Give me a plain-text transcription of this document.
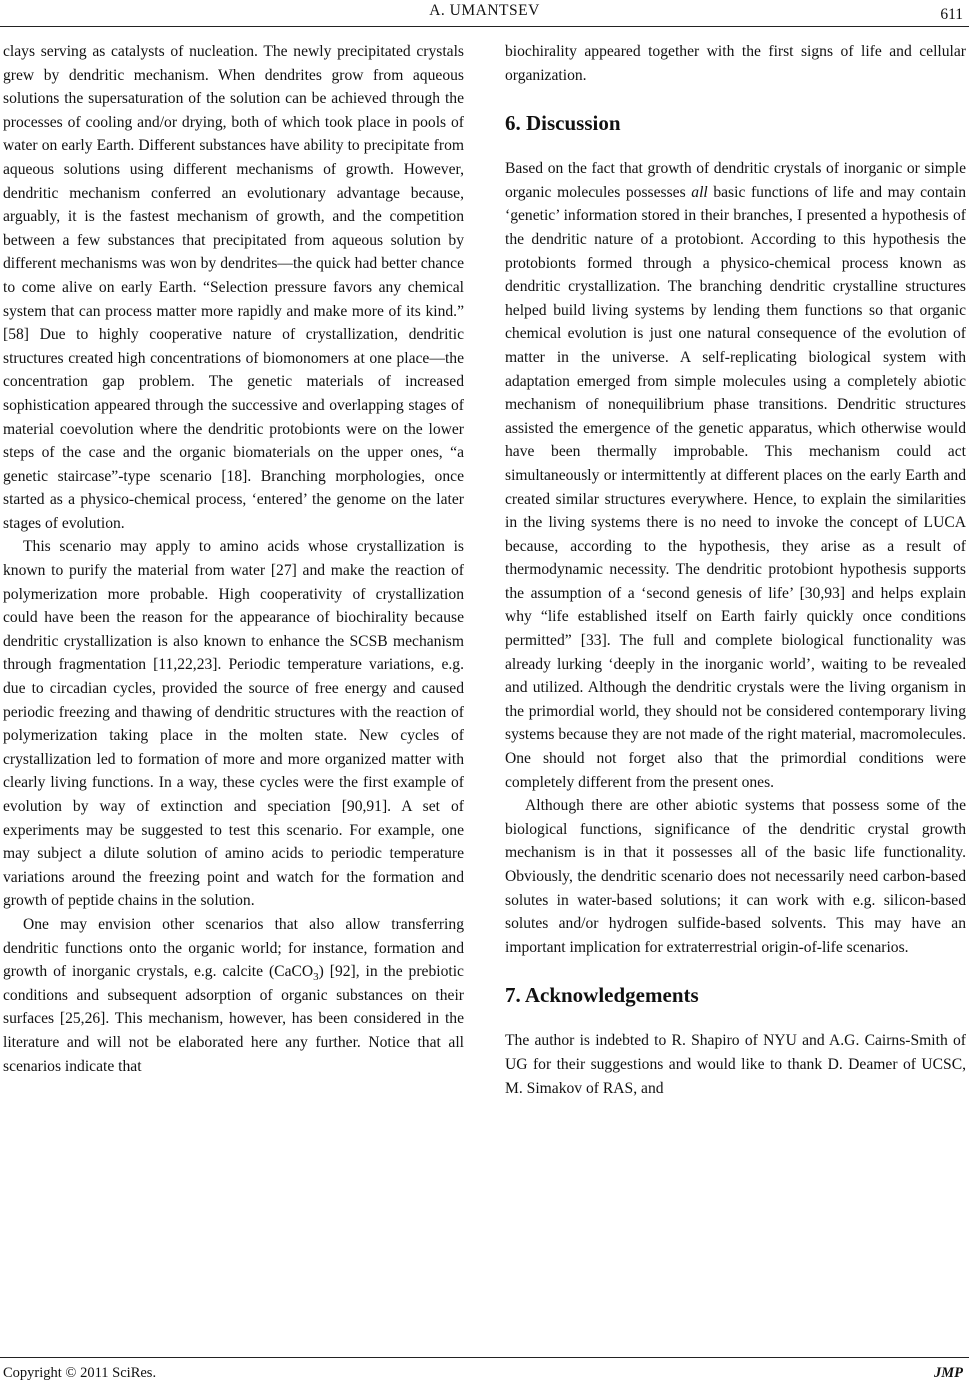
A. UMANTSEV	611

clays serving as catalysts of nucleation. The newly precipitated crystals grew by dendritic mechanism. When dendrites grow from aqueous solutions the supersaturation of the solution can be achieved through the processes of cooling and/or drying, both of which took place in pools of water on early Earth. Different substances have ability to precipitate from aqueous solutions using different mechanisms of growth. However, dendritic mechanism conferred an evolutionary advantage because, arguably, it is the fastest mechanism of growth, and the competition between a few substances that precipitated from aqueous solution by different mechanisms was won by dendrites—the quick had better chance to come alive on early Earth. “Selection pressure favors any chemical system that can process matter more rapidly and make more of its kind.” [58] Due to highly cooperative nature of crystallization, dendritic structures created high concentrations of biomonomers at one place—the concentration gap problem. The genetic materials of increased sophistication appeared through the successive and overlapping stages of material coevolution where the dendritic protobionts were on the lower steps of the case and the organic biomaterials on the upper ones, “a genetic staircase”-type scenario [18]. Branching morphologies, once started as a physico-chemical process, ‘entered’ the genome on the later stages of evolution.

This scenario may apply to amino acids whose crystallization is known to purify the material from water [27] and make the reaction of polymerization more probable. High cooperativity of crystallization could have been the reason for the appearance of biochirality because dendritic crystallization is also known to enhance the SCSB mechanism through fragmentation [11,22,23]. Periodic temperature variations, e.g. due to circadian cycles, provided the source of free energy and caused periodic freezing and thawing of dendritic structures with the reaction of polymerization taking place in the molten state. New cycles of crystallization led to formation of more and more organized matter with clearly living functions. In a way, these cycles were the first example of evolution by way of extinction and speciation [90,91]. A set of experiments may be suggested to test this scenario. For example, one may subject a dilute solution of amino acids to periodic temperature variations around the freezing point and watch for the formation and growth of peptide chains in the solution.

One may envision other scenarios that also allow transferring dendritic functions onto the organic world; for instance, formation and growth of inorganic crystals, e.g. calcite (CaCO$_3$) [92], in the prebiotic conditions and subsequent adsorption of organic substances on their surfaces [25,26]. This mechanism, however, has been considered in the literature and will not be elaborated here any further. Notice that all scenarios indicate that

biochirality appeared together with the first signs of life and cellular organization.

6. Discussion

Based on the fact that growth of dendritic crystals of inorganic or simple organic molecules possesses all basic functions of life and may contain ‘genetic’ information stored in their branches, I presented a hypothesis of the dendritic nature of a protobiont. According to this hypothesis the protobionts formed through a physico-chemical process known as dendritic crystallization. The branching dendritic crystalline structures helped build living systems by lending them functions so that organic chemical evolution is just one natural consequence of the evolution of matter in the universe. A self-replicating biological system with adaptation emerged from simple molecules using a completely abiotic mechanism of nonequilibrium phase transitions. Dendritic structures assisted the emergence of the genetic apparatus, which otherwise would have been thermally improbable. This mechanism could act simultaneously or intermittently at different places on the early Earth and created similar structures everywhere. Hence, to explain the similarities in the living systems there is no need to invoke the concept of LUCA because, according to the hypothesis, they arise as a result of thermodynamic necessity. The dendritic protobiont hypothesis supports the assumption of a ‘second genesis of life’ [30,93] and helps explain why “life established itself on Earth fairly quickly once conditions permitted” [33]. The full and complete biological functionality was already lurking ‘deeply in the inorganic world’, waiting to be revealed and utilized. Although the dendritic crystals were the living organism in the primordial world, they should not be considered contemporary living systems because they are not made of the right material, macromolecules. One should not forget also that the primordial conditions were completely different from the present ones.

Although there are other abiotic systems that possess some of the biological functions, significance of the dendritic crystal growth mechanism is in that it possesses all of the basic life functionality. Obviously, the dendritic scenario does not necessarily need carbon-based solutes in water-based solutions; it can work with e.g. silicon-based solutes and/or hydrogen sulfide-based solvents. This may have an important implication for extraterrestrial origin-of-life scenarios.

7. Acknowledgements

The author is indebted to R. Shapiro of NYU and A.G. Cairns-Smith of UG for their suggestions and would like to thank D. Deamer of UCSC, M. Simakov of RAS, and

Copyright © 2011 SciRes.	JMP
